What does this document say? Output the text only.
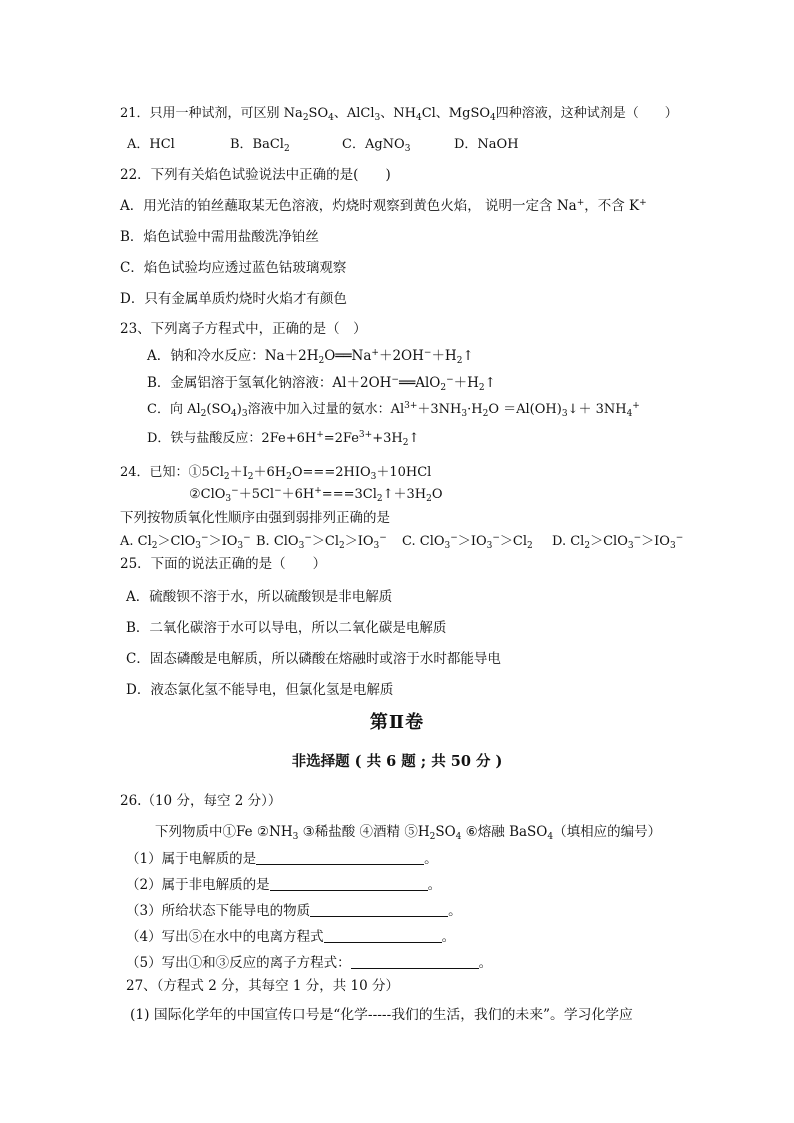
21．只用一种试剂，可区别 $Na_2SO_4$、AlCl$_3$、$NH_4Cl$、MgSO$_4$四种溶液，这种试剂是（　　）
A．HCl	B．BaCl$_2$	C．AgNO$_3$	D．NaOH
22．下列有关焰色试验说法中正确的是(　　)
A．用光洁的铂丝蘸取某无色溶液，灼烧时观察到黄色火焰， 说明一定含 Na+，不含 K+
B．焰色试验中需用盐酸洗净铂丝
C．焰色试验均应透过蓝色钴玻璃观察
D．只有金属单质灼烧时火焰才有颜色
23、下列离子方程式中，正确的是（　）
A．钠和冷水反应：$Na+2H_2O══Na^++2OH^-+H_2↑$
B．金属铝溶于氢氧化钠溶液：$Al+2OH^-══AlO_2^-+H_2↑$
C．向 $Al_2(SO_4)_3$溶液中加入过量的氨水：$Al^{3+}+3NH_3\cdot H_2O$ $=Al(OH)_3↓+ 3NH_4^+$
D．铁与盐酸反应：$2Fe+6H^+=2Fe^{3+}+3H_2↑$
24．已知：$①5Cl_2+I_2+6H_2O===2HIO_3+10HCl$
$②ClO_3^-+5Cl^-+6H^+===3Cl_2↑+3H_2O$
下列按物质氧化性顺序由强到弱排列正确的是
A. $Cl_2>ClO_3^->IO_3^-$ B. $ClO_3^->Cl_2>IO_3^-$ C. $ClO_3^->IO_3^->Cl_2$ D. $Cl_2>ClO_3^->IO_3^-$
25．下面的说法正确的是（　　）
A．硫酸钡不溶于水，所以硫酸钡是非电解质
B．二氧化碳溶于水可以导电，所以二氧化碳是电解质
C．固态磷酸是电解质，所以磷酸在熔融时或溶于水时都能导电
D．液态氯化氢不能导电，但氯化氢是电解质
第Ⅱ卷
非选择题 ( 共 6 题 ; 共 50 分 )
26.（10 分，每空 2 分））
下列物质中①Fe $②NH_3$ ③稀盐酸 ④酒精 $⑤H_2SO_4$ ⑥熔融 BaSO$_4$（填相应的编号）
（1）属于电解质的是	。
（2）属于非电解质的是	。
（3）所给状态下能导电的物质	。
（4）写出⑤在水中的电离方程式	。
（5）写出①和③反应的离子方程式：	。
27、（方程式 2 分，其每空 1 分，共 10 分）
(1) 国际化学年的中国宣传口号是“化学-----我们的生活，我们的未来”。学习化学应
